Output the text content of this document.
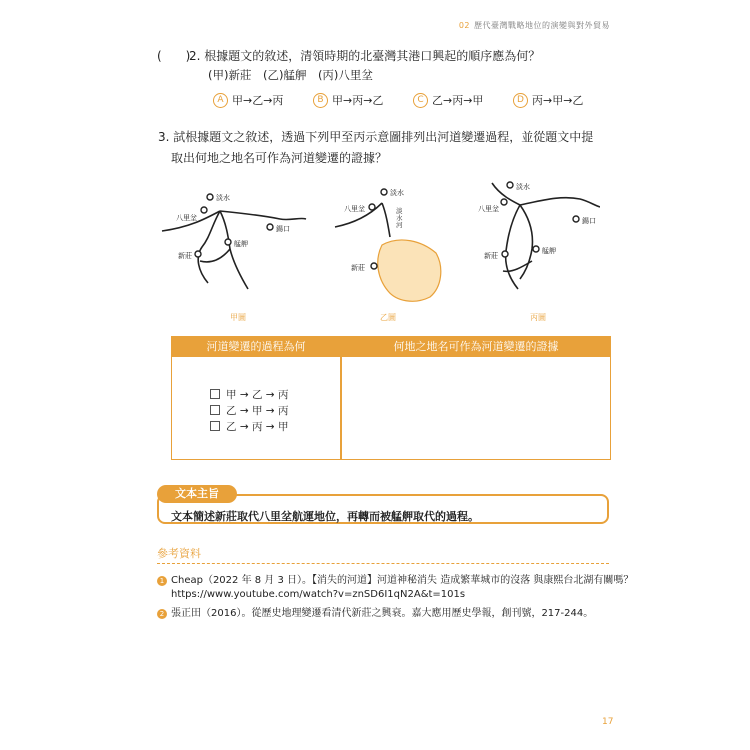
02 歷代臺灣戰略地位的演變與對外貿易
(　　)2. 根據題文的敘述，清領時期的北臺灣其港口興起的順序應為何？
(甲)新莊　(乙)艋舺　(丙)八里坌
A 甲→乙→丙	B 甲→丙→乙	C 乙→丙→甲	D 丙→甲→乙
3. 試根據題文之敘述，透過下列甲至丙示意圖排列出河道變遷過程，並從題文中提
取出何地之地名可作為河道變遷的證據？
淡水
八里坌
錫口
艋舺
新莊
甲圖
淡水
八里坌	淡水河
新莊
乙圖
淡水
八里坌
錫口
艋舺
新莊
丙圖
河道變遷的過程為何	何地之地名可作為河道變遷的證據
甲 → 乙 → 丙
乙 → 甲 → 丙
乙 → 丙 → 甲
文本主旨
文本簡述新莊取代八里坌航運地位，再轉而被艋舺取代的過程。
參考資料
1 Cheap（2022 年 8 月 3 日）。【消失的河道】河道神秘消失 造成繁華城市的沒落 與康熙台北湖有關嗎？
https://www.youtube.com/watch?v=znSD6I1qN2A&t=101s
2 張正田（2016）。從歷史地理變遷看清代新莊之興衰。嘉大應用歷史學報，創刊號，217-244。
17
